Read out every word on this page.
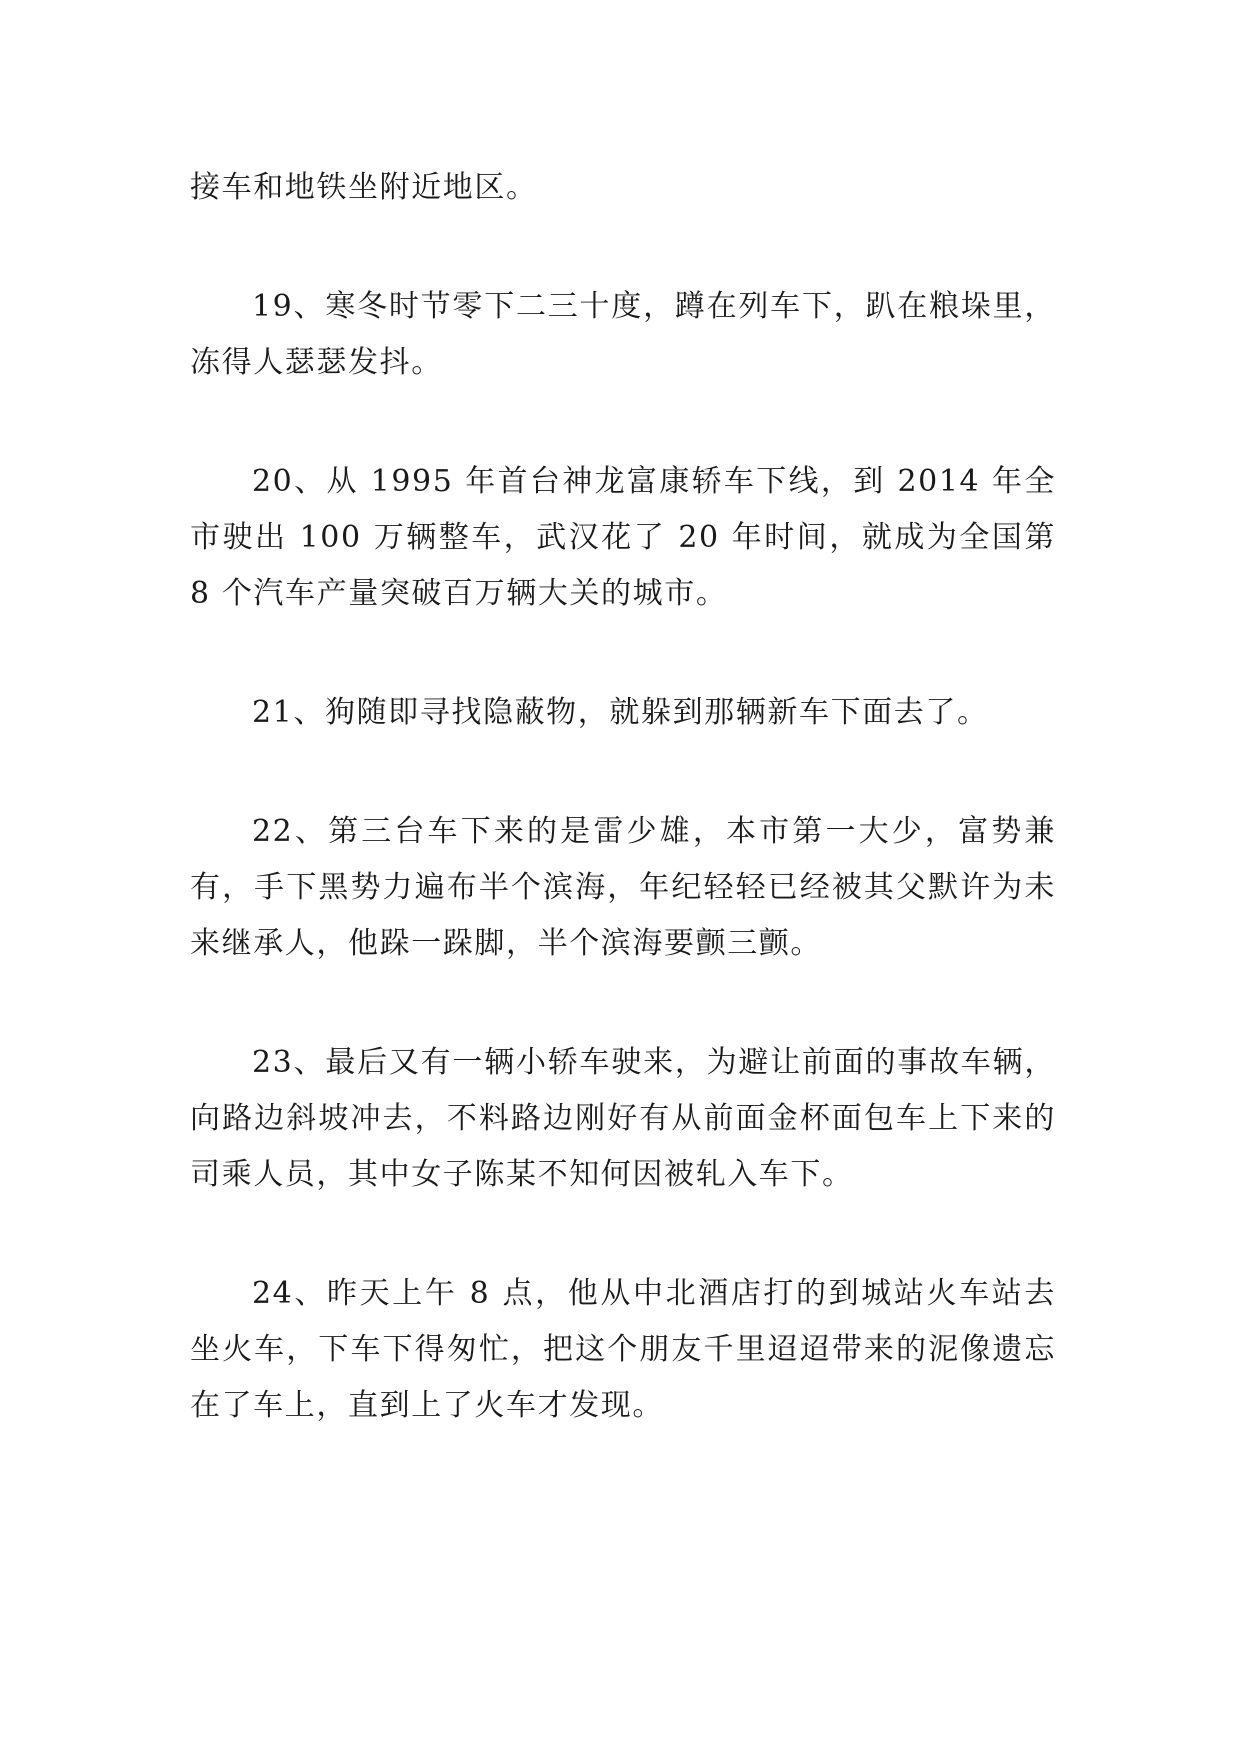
接车和地铁坐附近地区。

19、寒冬时节零下二三十度，蹲在列车下，趴在粮垛里，冻得人瑟瑟发抖。

20、从 1995 年首台神龙富康轿车下线，到 2014 年全市驶出 100 万辆整车，武汉花了 20 年时间，就成为全国第 8 个汽车产量突破百万辆大关的城市。

21、狗随即寻找隐蔽物，就躲到那辆新车下面去了。

22、第三台车下来的是雷少雄，本市第一大少，富势兼有，手下黑势力遍布半个滨海，年纪轻轻已经被其父默许为未来继承人，他跺一跺脚，半个滨海要颤三颤。

23、最后又有一辆小轿车驶来，为避让前面的事故车辆，向路边斜坡冲去，不料路边刚好有从前面金杯面包车上下来的司乘人员，其中女子陈某不知何因被轧入车下。

24、昨天上午 8 点，他从中北酒店打的到城站火车站去坐火车，下车下得匆忙，把这个朋友千里迢迢带来的泥像遗忘在了车上，直到上了火车才发现。
